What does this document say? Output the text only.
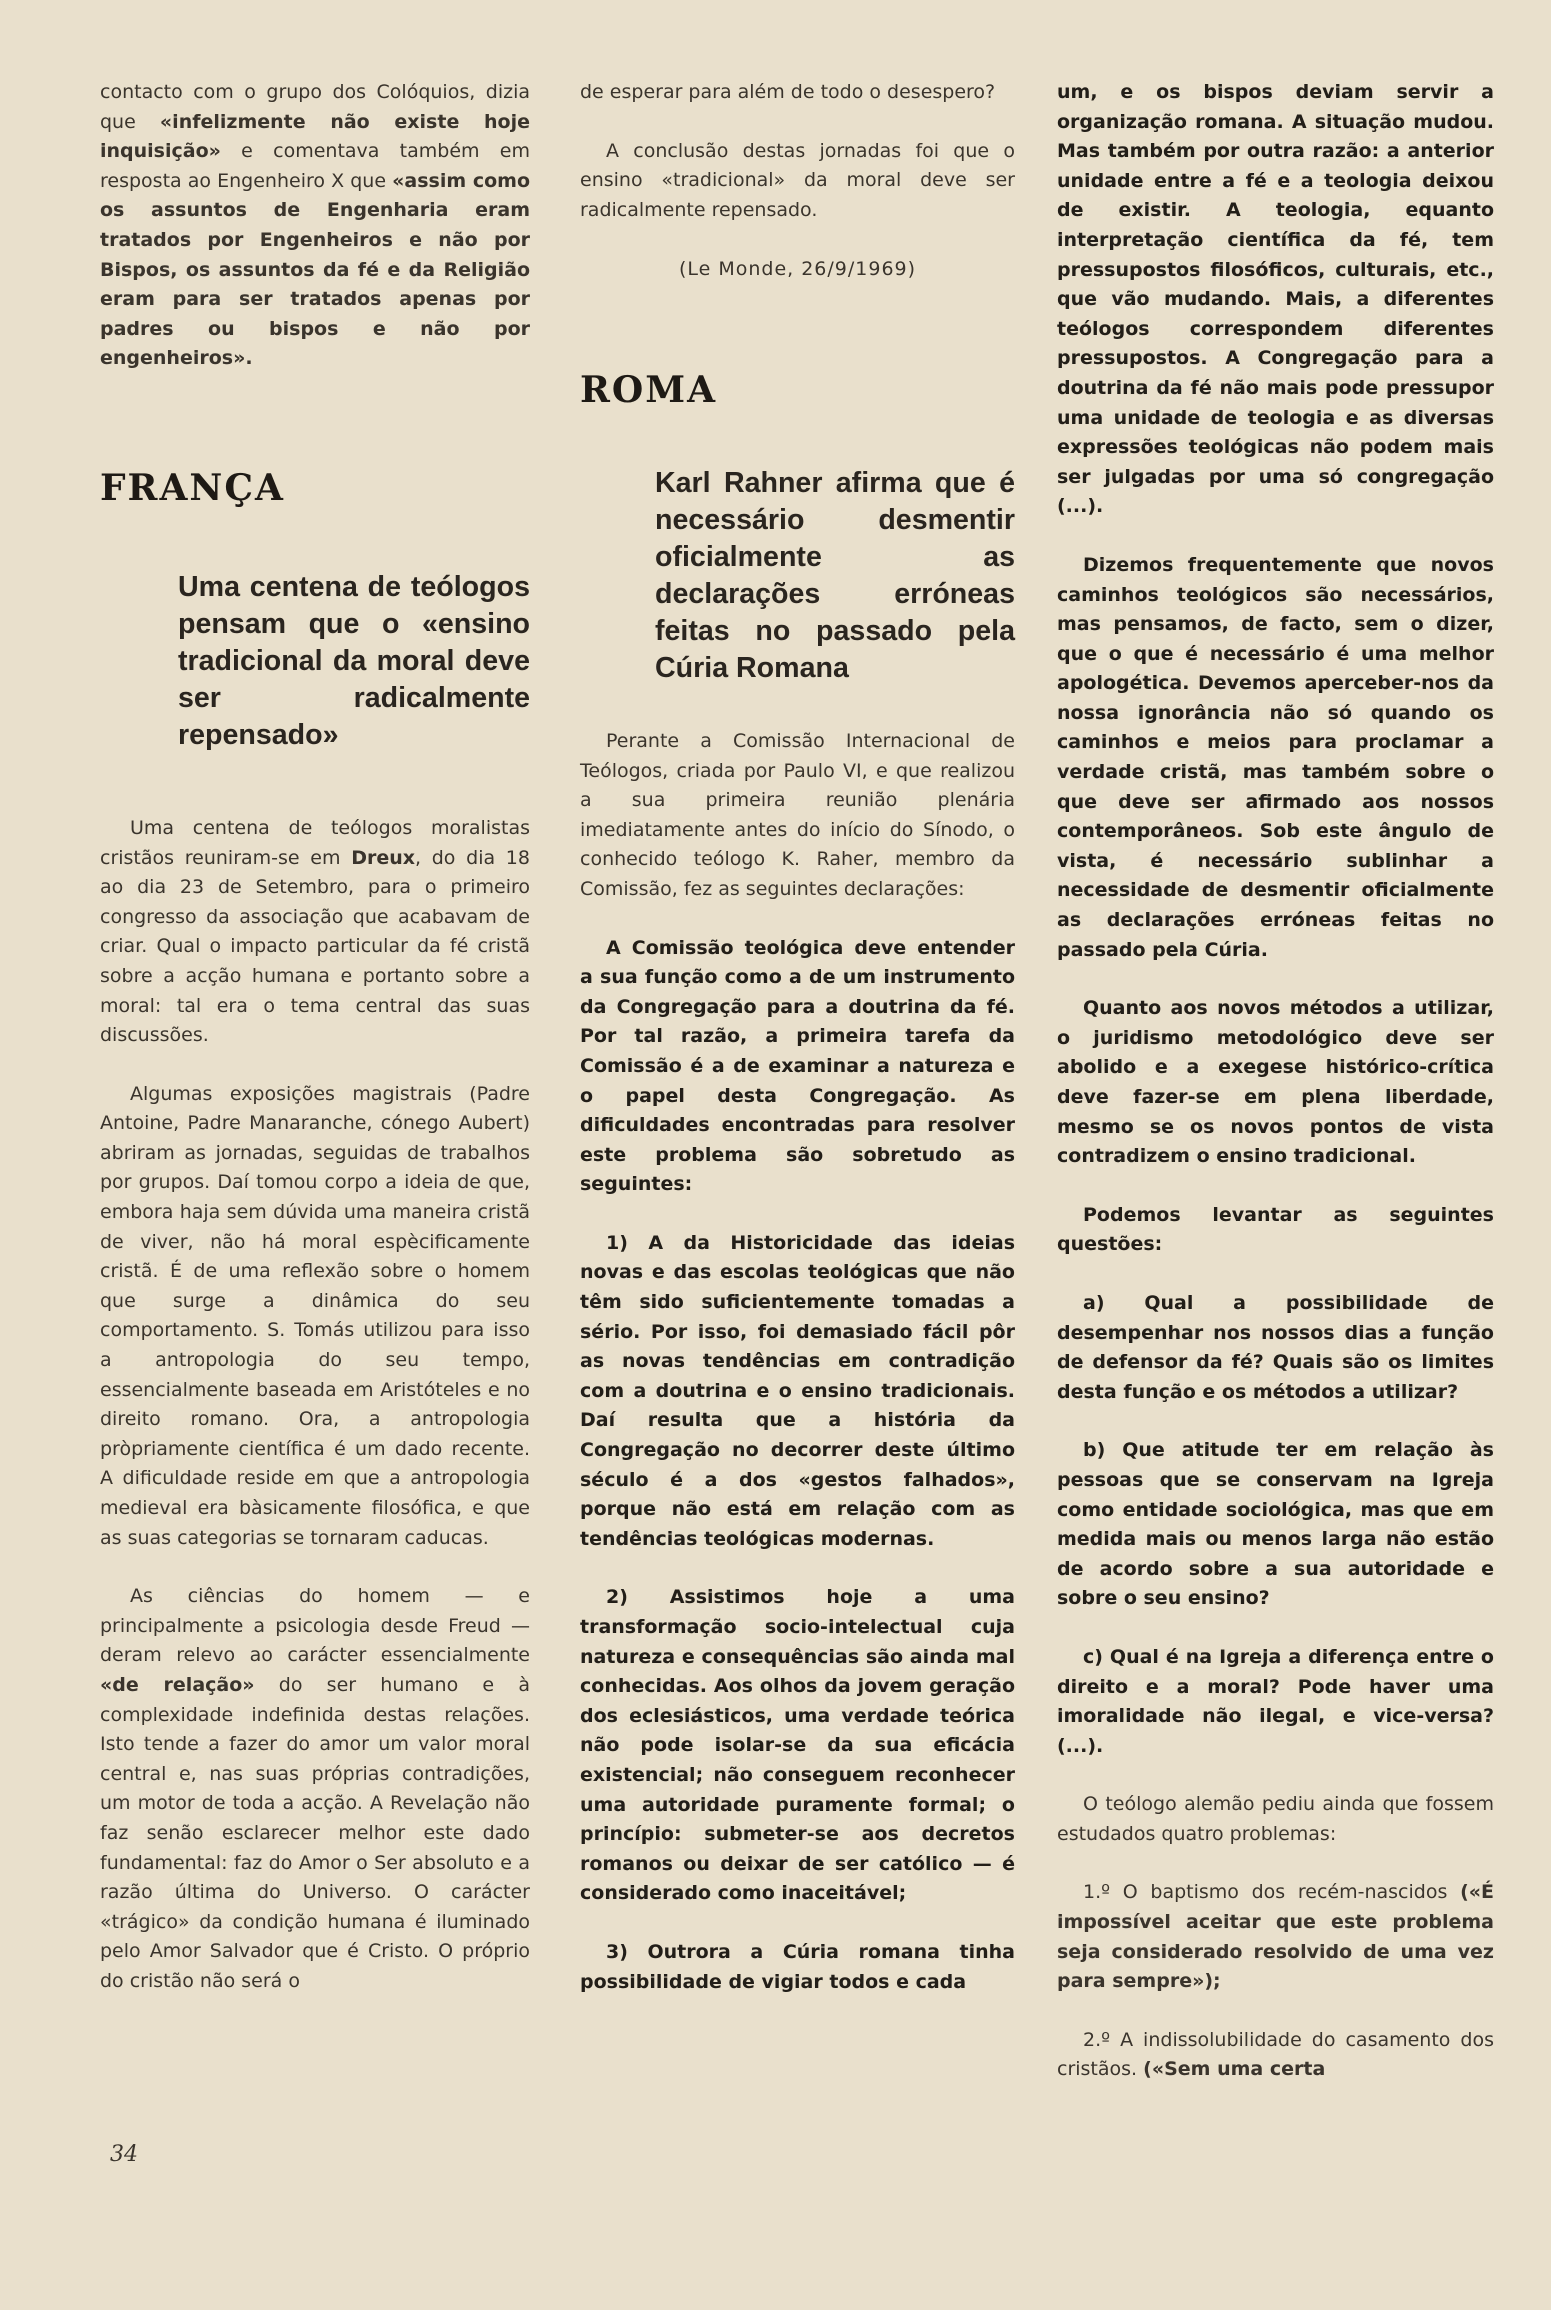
contacto com o grupo dos Colóquios, dizia que «infelizmente não existe hoje inquisição» e comentava também em resposta ao Engenheiro X que «assim como os assuntos de Engenharia eram tratados por Engenheiros e não por Bispos, os assuntos da fé e da Religião eram para ser tratados apenas por padres ou bispos e não por engenheiros».

FRANÇA
Uma centena de teólogos pensam que o «ensino tradicional da moral deve ser radicalmente repensado»

Uma centena de teólogos moralistas cristãos reuniram-se em Dreux, do dia 18 ao dia 23 de Setembro, para o primeiro congresso da associação que acabavam de criar. Qual o impacto particular da fé cristã sobre a acção humana e portanto sobre a moral: tal era o tema central das suas discussões.

Algumas exposições magistrais (Padre Antoine, Padre Manaranche, cónego Aubert) abriram as jornadas, seguidas de trabalhos por grupos. Daí tomou corpo a ideia de que, embora haja sem dúvida uma maneira cristã de viver, não há moral espècificamente cristã. É de uma reflexão sobre o homem que surge a dinâmica do seu comportamento. S. Tomás utilizou para isso a antropologia do seu tempo, essencialmente baseada em Aristóteles e no direito romano. Ora, a antropologia pròpriamente científica é um dado recente. A dificuldade reside em que a antropologia medieval era bàsicamente filosófica, e que as suas categorias se tornaram caducas.

As ciências do homem — e principalmente a psicologia desde Freud — deram relevo ao carácter essencialmente «de relação» do ser humano e à complexidade indefinida destas relações. Isto tende a fazer do amor um valor moral central e, nas suas próprias contradições, um motor de toda a acção. A Revelação não faz senão esclarecer melhor este dado fundamental: faz do Amor o Ser absoluto e a razão última do Universo. O carácter «trágico» da condição humana é iluminado pelo Amor Salvador que é Cristo. O próprio do cristão não será o

de esperar para além de todo o desespero?

A conclusão destas jornadas foi que o ensino «tradicional» da moral deve ser radicalmente repensado.

(Le Monde, 26/9/1969)

ROMA
Karl Rahner afirma que é necessário desmentir oficialmente as declarações erróneas feitas no passado pela Cúria Romana

Perante a Comissão Internacional de Teólogos, criada por Paulo VI, e que realizou a sua primeira reunião plenária imediatamente antes do início do Sínodo, o conhecido teólogo K. Raher, membro da Comissão, fez as seguintes declarações:

A Comissão teológica deve entender a sua função como a de um instrumento da Congregação para a doutrina da fé. Por tal razão, a primeira tarefa da Comissão é a de examinar a natureza e o papel desta Congregação. As dificuldades encontradas para resolver este problema são sobretudo as seguintes:

1) A da Historicidade das ideias novas e das escolas teológicas que não têm sido suficientemente tomadas a sério. Por isso, foi demasiado fácil pôr as novas tendências em contradição com a doutrina e o ensino tradicionais. Daí resulta que a história da Congregação no decorrer deste último século é a dos «gestos falhados», porque não está em relação com as tendências teológicas modernas.

2) Assistimos hoje a uma transformação socio-intelectual cuja natureza e consequências são ainda mal conhecidas. Aos olhos da jovem geração dos eclesiásticos, uma verdade teórica não pode isolar-se da sua eficácia existencial; não conseguem reconhecer uma autoridade puramente formal; o princípio: submeter-se aos decretos romanos ou deixar de ser católico — é considerado como inaceitável;

3) Outrora a Cúria romana tinha possibilidade de vigiar todos e cada

um, e os bispos deviam servir a organização romana. A situação mudou. Mas também por outra razão: a anterior unidade entre a fé e a teologia deixou de existir. A teologia, equanto interpretação científica da fé, tem pressupostos filosóficos, culturais, etc., que vão mudando. Mais, a diferentes teólogos correspondem diferentes pressupostos. A Congregação para a doutrina da fé não mais pode pressupor uma unidade de teologia e as diversas expressões teológicas não podem mais ser julgadas por uma só congregação (...).

Dizemos frequentemente que novos caminhos teológicos são necessários, mas pensamos, de facto, sem o dizer, que o que é necessário é uma melhor apologética. Devemos aperceber-nos da nossa ignorância não só quando os caminhos e meios para proclamar a verdade cristã, mas também sobre o que deve ser afirmado aos nossos contemporâneos. Sob este ângulo de vista, é necessário sublinhar a necessidade de desmentir oficialmente as declarações erróneas feitas no passado pela Cúria.

Quanto aos novos métodos a utilizar, o juridismo metodológico deve ser abolido e a exegese histórico-crítica deve fazer-se em plena liberdade, mesmo se os novos pontos de vista contradizem o ensino tradicional.

Podemos levantar as seguintes questões:

a) Qual a possibilidade de desempenhar nos nossos dias a função de defensor da fé? Quais são os limites desta função e os métodos a utilizar?

b) Que atitude ter em relação às pessoas que se conservam na Igreja como entidade sociológica, mas que em medida mais ou menos larga não estão de acordo sobre a sua autoridade e sobre o seu ensino?

c) Qual é na Igreja a diferença entre o direito e a moral? Pode haver uma imoralidade não ilegal, e vice-versa? (...).

O teólogo alemão pediu ainda que fossem estudados quatro problemas:

1.º O baptismo dos recém-nascidos («É impossível aceitar que este problema seja considerado resolvido de uma vez para sempre»);

2.º A indissolubilidade do casamento dos cristãos. («Sem uma certa

34
